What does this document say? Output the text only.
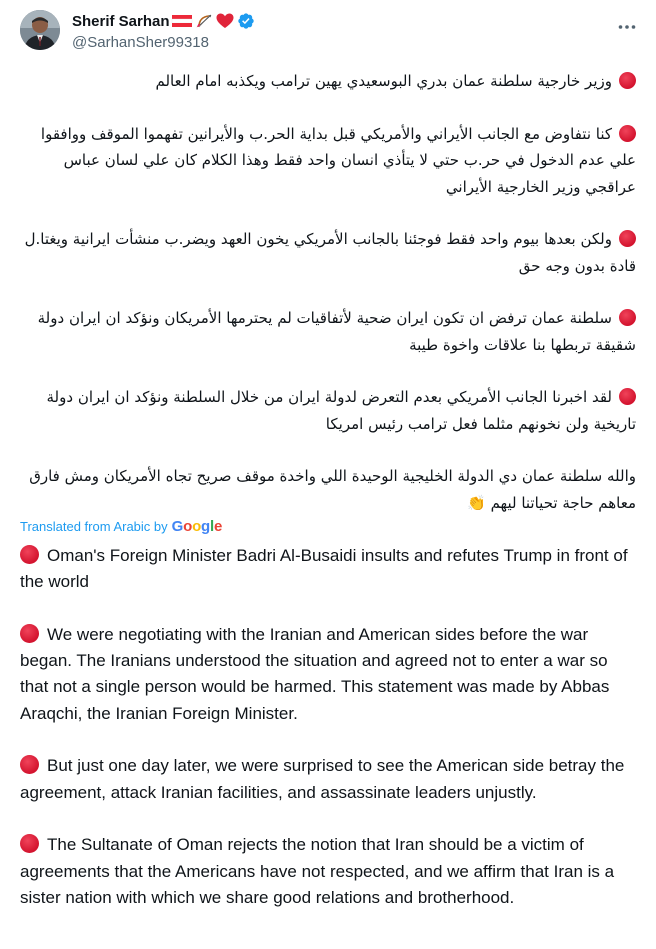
Sherif Sarhan
@SarhanSher99318

وزير خارجية سلطنة عمان بدري البوسعيدي يهين ترامب ويكذبه امام العالم

كنا نتفاوض مع الجانب الأيراني والأمريكي قبل بداية الحر.ب والأيرانين تفهموا الموقف ووافقوا علي عدم الدخول في حر.ب حتي لا يتأذي انسان واحد فقط وهذا الكلام كان علي لسان عباس عراقجي وزير الخارجية الأيراني

ولكن بعدها بيوم واحد فقط فوجئنا بالجانب الأمريكي يخون العهد ويضر.ب منشأت ايرانية ويغتا.ل قادة بدون وجه حق

سلطنة عمان ترفض ان تكون ايران ضحية لأتفاقيات لم يحترمها الأمريكان ونؤكد ان ايران دولة شقيقة تربطها بنا علاقات واخوة طيبة

لقد اخبرنا الجانب الأمريكي بعدم التعرض لدولة ايران من خلال السلطنة ونؤكد ان ايران دولة تاريخية ولن نخونهم مثلما فعل ترامب رئيس امريكا

والله سلطنة عمان دي الدولة الخليجية الوحيدة اللي واخدة موقف صريح تجاه الأمريكان ومش فارق معاهم حاجة تحياتنا ليهم 👏

Translated from Arabic by Google

Oman's Foreign Minister Badri Al-Busaidi insults and refutes Trump in front of the world

We were negotiating with the Iranian and American sides before the war began. The Iranians understood the situation and agreed not to enter a war so that not a single person would be harmed. This statement was made by Abbas Araqchi, the Iranian Foreign Minister.

But just one day later, we were surprised to see the American side betray the agreement, attack Iranian facilities, and assassinate leaders unjustly.

The Sultanate of Oman rejects the notion that Iran should be a victim of agreements that the Americans have not respected, and we affirm that Iran is a sister nation with which we share good relations and brotherhood.
